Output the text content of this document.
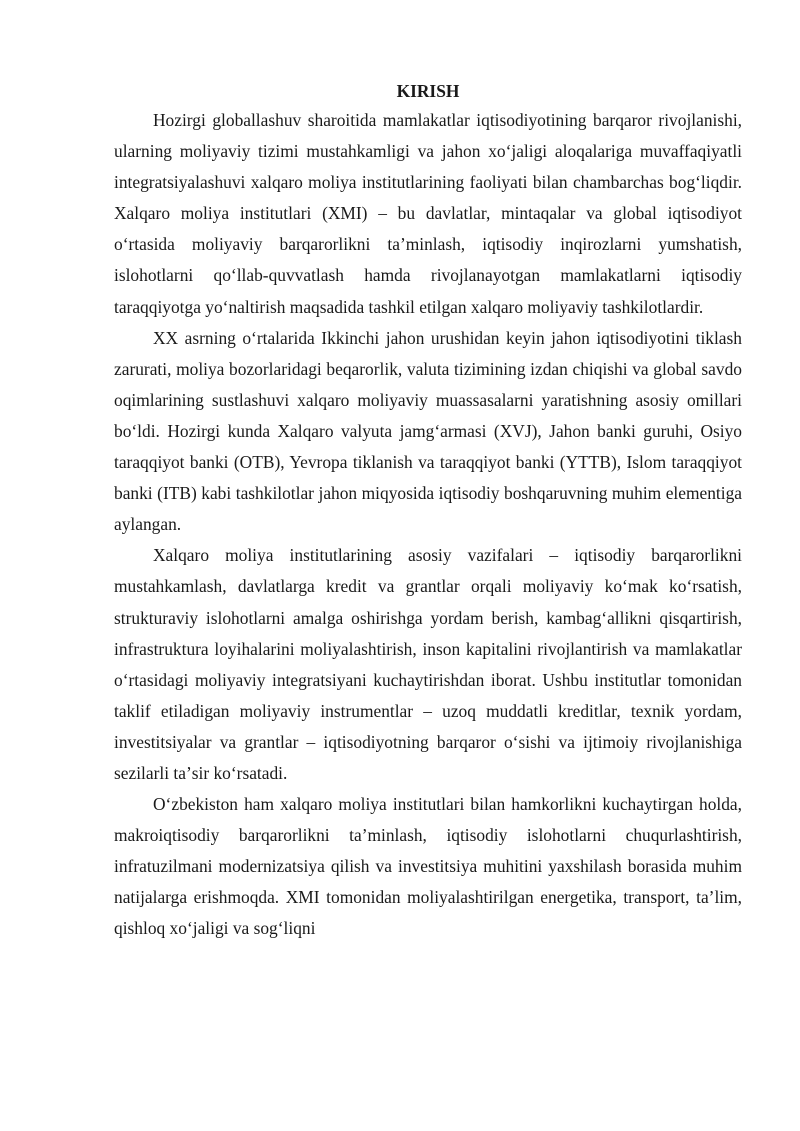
KIRISH

Hozirgi globallashuv sharoitida mamlakatlar iqtisodiyotining barqaror rivojlanishi, ularning moliyaviy tizimi mustahkamligi va jahon xoʻjaligi aloqalariga muvaffaqiyatli integratsiyalashuvi xalqaro moliya institutlarining faoliyati bilan chambarchas bogʻliqdir. Xalqaro moliya institutlari (XMI) – bu davlatlar, mintaqalar va global iqtisodiyot oʻrtasida moliyaviy barqarorlikni taʼminlash, iqtisodiy inqirozlarni yumshatish, islohotlarni qoʻllab-quvvatlash hamda rivojlanayotgan mamlakatlarni iqtisodiy taraqqiyotga yoʻnaltirish maqsadida tashkil etilgan xalqaro moliyaviy tashkilotlardir.

XX asrning oʻrtalarida Ikkinchi jahon urushidan keyin jahon iqtisodiyotini tiklash zarurati, moliya bozorlaridagi beqarorlik, valuta tizimining izdan chiqishi va global savdo oqimlarining sustlashuvi xalqaro moliyaviy muassasalarni yaratishning asosiy omillari boʻldi. Hozirgi kunda Xalqaro valyuta jamgʻarmasi (XVJ), Jahon banki guruhi, Osiyo taraqqiyot banki (OTB), Yevropa tiklanish va taraqqiyot banki (YTTB), Islom taraqqiyot banki (ITB) kabi tashkilotlar jahon miqyosida iqtisodiy boshqaruvning muhim elementiga aylangan.

Xalqaro moliya institutlarining asosiy vazifalari – iqtisodiy barqarorlikni mustahkamlash, davlatlarga kredit va grantlar orqali moliyaviy koʻmak koʻrsatish, strukturaviy islohotlarni amalga oshirishga yordam berish, kambagʻallikni qisqartirish, infrastruktura loyihalarini moliyalashtirish, inson kapitalini rivojlantirish va mamlakatlar oʻrtasidagi moliyaviy integratsiyani kuchaytirishdan iborat. Ushbu institutlar tomonidan taklif etiladigan moliyaviy instrumentlar – uzoq muddatli kreditlar, texnik yordam, investitsiyalar va grantlar – iqtisodiyotning barqaror oʻsishi va ijtimoiy rivojlanishiga sezilarli taʼsir koʻrsatadi.

Oʻzbekiston ham xalqaro moliya institutlari bilan hamkorlikni kuchaytirgan holda, makroiqtisodiy barqarorlikni taʼminlash, iqtisodiy islohotlarni chuqurlashtirish, infratuzilmani modernizatsiya qilish va investitsiya muhitini yaxshilash borasida muhim natijalarga erishmoqda. XMI tomonidan moliyalashtirilgan energetika, transport, taʼlim, qishloq xoʻjaligi va sogʻliqni
